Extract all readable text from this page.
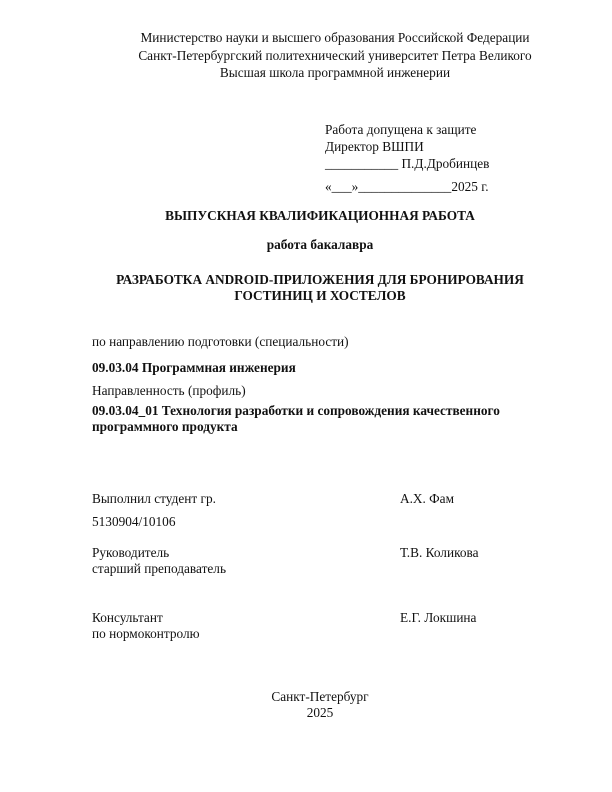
Министерство науки и высшего образования Российской Федерации
Санкт-Петербургский политехнический университет Петра Великого
Высшая школа программной инженерии
Работа допущена к защите
Директор ВШПИ
___________ П.Д.Дробинцев
«___»______________2025 г.
ВЫПУСКНАЯ КВАЛИФИКАЦИОННАЯ РАБОТА
работа бакалавра
РАЗРАБОТКА ANDROID-ПРИЛОЖЕНИЯ ДЛЯ БРОНИРОВАНИЯ
ГОСТИНИЦ И ХОСТЕЛОВ
по направлению подготовки (специальности)
09.03.04 Программная инженерия
Направленность (профиль)
09.03.04_01 Технология разработки и сопровождения качественного
программного продукта
Выполнил студент гр.
5130904/10106
А.Х. Фам
Руководитель
старший преподаватель
Т.В. Коликова
Консультант
по нормоконтролю
Е.Г. Локшина
Санкт-Петербург
2025
